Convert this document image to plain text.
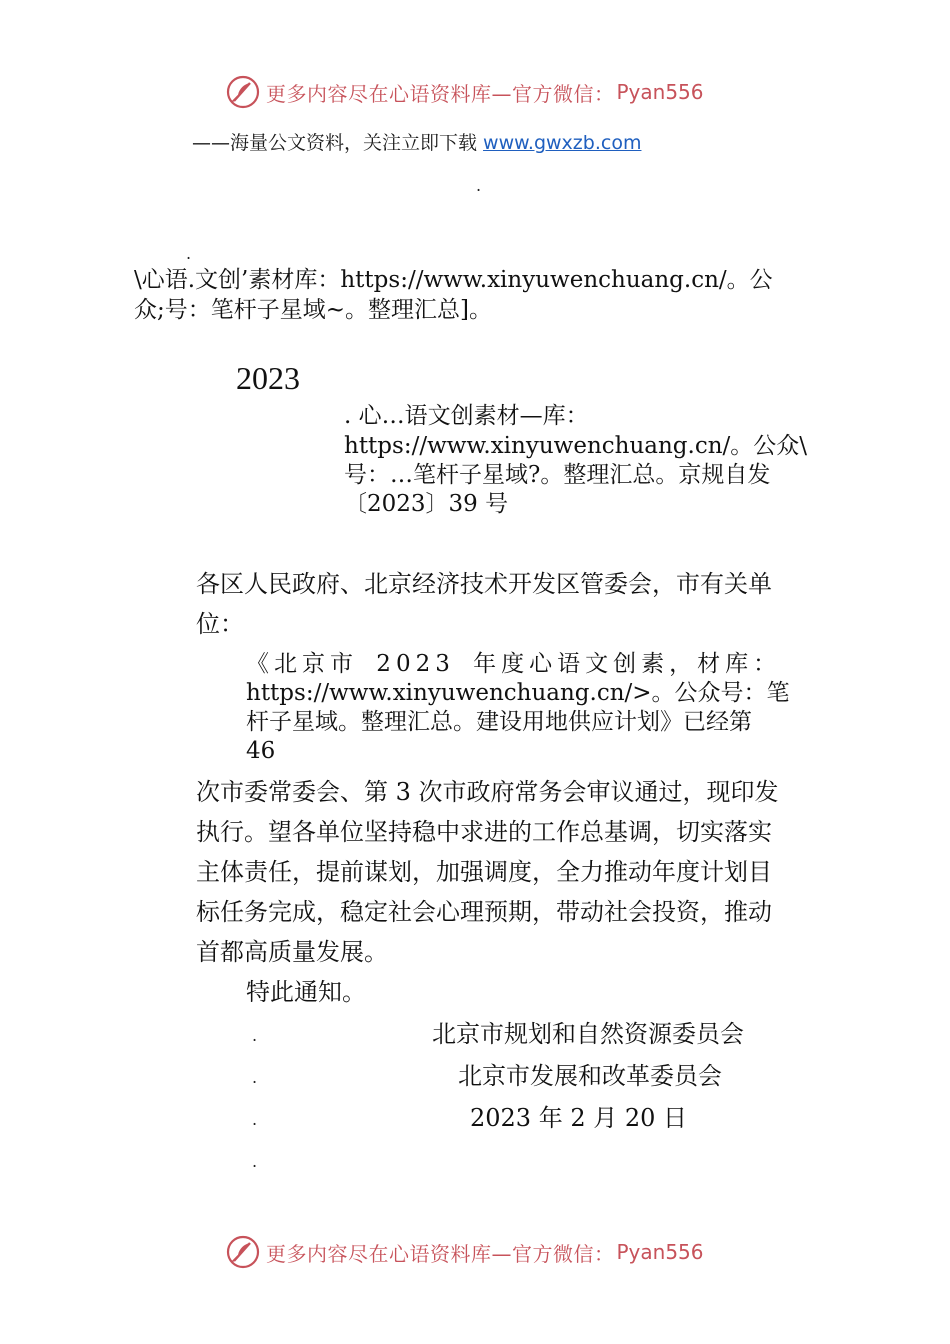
更多内容尽在心语资料库—官方微信： Pyan556
——海量公文资料，关注立即下载 www.gwxzb.com
.
.
\心语.文创’素材库：https://www.xinyuwenchuang.cn/。公
众;号：笔杆子星域~。整理汇总]。
2023
. 心…语文创素材—库：
https://www.xinyuwenchuang.cn/。公众\
号：…笔杆子星域?。整理汇总。京规自发
〔2023〕39 号
各区人民政府、北京经济技术开发区管委会，市有关单
位：
《北京市 2023 年度心语文创素，材库：
https://www.xinyuwenchuang.cn/>。公众号：笔
杆子星域。整理汇总。建设用地供应计划》已经第
46
次市委常委会、第 3 次市政府常务会审议通过，现印发
执行。望各单位坚持稳中求进的工作总基调，切实落实
主体责任，提前谋划，加强调度，全力推动年度计划目
标任务完成，稳定社会心理预期，带动社会投资，推动
首都高质量发展。
特此通知。
.	北京市规划和自然资源委员会
.	北京市发展和改革委员会
.	2023 年 2 月 20 日
.
更多内容尽在心语资料库—官方微信： Pyan556
